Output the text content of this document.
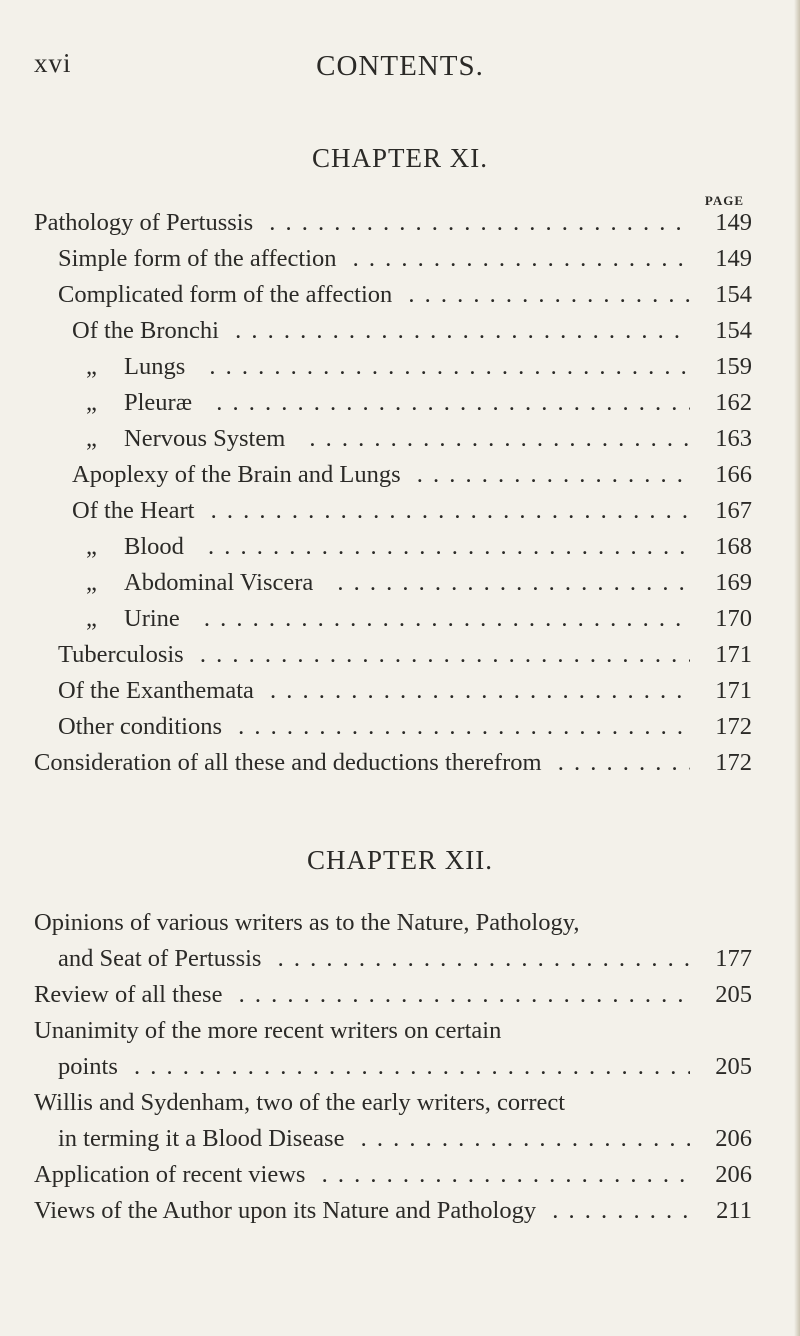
xvi	CONTENTS.
CHAPTER XI.
PAGE
Pathology of Pertussis . . .	149
Simple form of the affection . . .	149
Complicated form of the affection . . .	154
Of the Bronchi . . .	154
„ Lungs . . .	159
„ Pleuræ . . .	162
„ Nervous System . . .	163
Apoplexy of the Brain and Lungs . . .	166
Of the Heart . . .	167
„ Blood . . .	168
„ Abdominal Viscera . . .	169
„ Urine . . .	170
Tuberculosis . . .	171
Of the Exanthemata . . .	171
Other conditions . . .	172
Consideration of all these and deductions therefrom . . .	172
CHAPTER XII.
Opinions of various writers as to the Nature, Pathology,
and Seat of Pertussis . . .	177
Review of all these . . .	205
Unanimity of the more recent writers on certain
points . . .	205
Willis and Sydenham, two of the early writers, correct
in terming it a Blood Disease . . .	206
Application of recent views . . .	206
Views of the Author upon its Nature and Pathology . . .	211
